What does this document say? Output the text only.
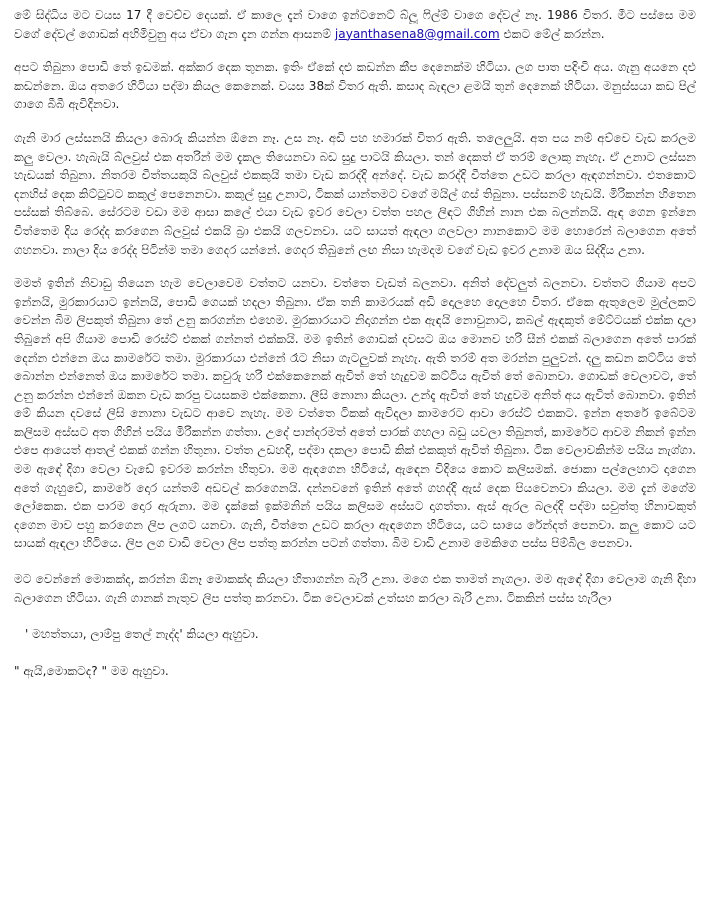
මේ සිද්ධිය මට වයස 17 දී වෙච්ච දෙයක්. ඒ කාලෙ දැන් වාගෙ ඉන්ටනෙට් බ්ලූ ෆිල්ම් වාගෙ දේවල් නෑ. 1986 විතර. මීට පස්සෙ මම වගේ දේවල් ගොඩක් අහිමිවුනු අය ඒවා ගැන දැන ගන්න ආසනම් jayanthasena8@gmail.com එකට මේල් කරන්න.

අපට තිබුනා පොඩි තේ ඉඩමක්. අක්කර දෙක තුනක. ඉතිං ඒකේ දළු කඩන්න කීප දෙනෙක්ම හිටියා. ලග පාත පදිංචි අය. ගැනු අයනෙ දළු කඩන්නෙ. ඔය අතරෙ හිටියා පද්මා කියල කෙනෙක්. වයස 38ක් විතර ඇති. කසාද බැඳලා ළමයි තුන් දෙනෙක් හිටියා. මනුස්සයා කඩ පිල් ගාගෙ බීබී ඇවිදිනවා.

ගැනි මාර ලස්සනයි කියලා බොරු කියන්න ඕනෙ නෑ. උස නෑ. අඩි පහ හමාරක් විතර ඇති. තලෙලුයි. අත පය නම් අව්වෙ වැඩ කරලම කලු වෙලා. හැබැයි බ්ලවුස් එක අතරින් මම දැකල තියෙනවා බඩ සුදු පාටයි කියලා. තන් දෙකත් ඒ තරම් ලොකු නැහැ. ඒ උනාට ලස්සන හැඩයක් තිබුනා. නිතරම චීත්තයකුයි බ්ලවුස් එකකුයි තමා වැඩ කරද්දි අන්දේ. වැඩ කරද්දි චීත්තෙ උඩට කරලා ඇඳගන්නවා. එතකොට දනහිස් දෙක කිට්ටුවට කකුල් පෙනෙනවා. කකුල් සුදු උනාට, ටිකක් යාන්තමට වගේ මයිල් ගස් තිබුනා. පස්සනම් හැඩයි. මිරිකන්න හිතෙන පස්සක් තිබ්බෙ. සේරටම වඩා මම ආසා කලේ එයා වැඩ ඉවර වෙලා වත්ත පහල ලිඳට ගිහින් නාන එක බලන්නයි. ඇඳ ගෙන ඉන්නෙ චීත්තෙම දිය රෙද්ද කරගෙන බ්ලවුස් එකයි බ්‍රා එකයි ගලවනවා. යට සායත් ඇඳලා ගලවලා නානකොට මම හොරෙන් බලාගෙන අතේ ගහනවා. නාලා දිය රෙද්ද පිටින්ම තමා ගෙදර යන්නේ. ගෙදර තිබුනේ ලඟ නිසා හැමදම වගේ වැඩ ඉවර උනාම ඔය සිද්දිය උනා.

මමත් ඉතින් නිවාඩු තියෙන හැම වෙලාවෙම වත්තට යනවා. වත්තෙ වැඩත් බලනවා. අනිත් දේවලුත් බලනවා. වත්තට ගියාම අපට ඉන්නයි, මුරකාරයාට ඉන්නයි, පොඩි ගෙයක් හදලා තිබුනා. ඒක තනි කාමරයක් අඩි දොලහෙ දොලහෙ විතර. ඒකෙ ඇතුලෙම මුල්ලකට වෙන්න බිම ලිපකුත් තිබුනා තේ උනු කරගන්න එහෙම. මුරකාරයාට නිදාගන්න එක ඇඳයි නොවුනාට, කබල් ඇඳකුත් මේට්ටයක් එක්ක දාලා තිබුනේ අපි ගියාම පොඩි රෙස්ට් එකක් ගන්නත් එක්කයි. මම ඉතින් ගොඩක් දවසට ඔය මොනව හරි සීන් එකක් බලාගෙන අතේ පාරක් දෙන්න එන්නෙ ඔය කාමරේට තමා. මුරකාරයා එන්නේ රෑට නිසා ගැටලුවක් නැහැ. ඇති තරම් අත මරන්න පුලුවන්. දලු කඩන කට්ටිය තේ බොන්න එන්නෙත් ඔය කාමරේට තමා. කවුරු හරි එක්කෙනෙක් ඇවිත් තේ හැදුවම කට්ටිය ඇවිත් තේ බොනවා. ගොඩක් වෙලාවට, තේ උනු කරන්න එන්නේ ඔකන වැඩ කරපු වයසකම එක්කෙනා. ලීසි නොනා කියලා. උන්දැ ඇවිත් තේ හැදුවම අනිත් අය ඇවිත් බොනවා. ඉතින් මේ කියන දවසේ ලිසි නොනා වැඩට ආවෙ නැහැ. මම වත්තෙ ටිකක් ඇවිදලා කාමරෙට ආවා රෙස්ට් එකකට. ඉන්න අතරේ ඉබේටම කලිසම අස්සට අත ගිහින් පයිය මිරිකන්න ගත්තා. උදේ පාන්දරමත් අතේ පාරක් ගහලා බඩු යවලා තිබුනත්, කාමරේට ආවම නිකන් ඉන්න එපෙ ආයෙත් ආතල් එකක් ගන්න හිතුනා. වත්ත උඩහදි, පද්මා දකලා පොඩි කික් එකකුත් ඇවිත් තිබුනා. ටික වෙලාවකින්ම පයිය නැග්ගා. මම ඇඳේ දිගා වෙලා වැඩේ ඉවරම කරන්න හිතුවා. මම ඇඳගෙන හිටියේ, ඇඳෙන විදියෙ කොට කලිසමක්. ජොකා පල්ලෙහාට දාගෙන අතේ ගැහුවේ, කාමරේ දොර යන්තම් අඩවල් කරගෙනයි. දන්නවනේ ඉතින් අතේ ගහද්දි ඇස් දෙක පියවෙනවා කියලා. මම දැන් මගේම ලෝකෙක. එක පාරම දොර ඇරුනා. මම දැක්කේ ඉක්මනින් පයිය කලිසම අස්සට දාගත්තා. ඇස් ඇරල බලද්දි පද්මා සවුත්තු හිනාවකුත් දගෙන මාව පහු කරගෙන ලිප ලගට යනවා. ගැනි, චීත්තෙ උඩට කරලා ඇඳගෙන හිටියෙ, යට සායෙ රේන්දත් පෙනවා. කලු කොට යට සායක් ඇඳලා හිටියෙ. ලිප ලග වාඩි වෙලා ලිප පත්තු කරන්න පටන් ගත්තා. බිම වාඩි උනාම මෙකිගෙ පස්ස පිම්බිල පෙනවා.

මට වෙන්නේ මොකක්ද, කරන්න ඕනෑ මොකක්ද කියලා හිතාගන්න බැරි උනා. මගෙ එක තාමත් නැගලා. මම ඇඳේ දිගා වෙලාම ගැනි දිහා බලාගෙන හිටියා. ගැනි ගානක් නැතුව ලිප පත්තු කරනවා. ටික වෙලාවක් උත්සහ කරලා බැරි උනා. ටිකකින් පස්ස හැරිලා

' මහත්තයා, ලාම්පු තෙල් නැද්ද' කියලා ඇහුවා.

" ඇයි,මොකටද? " මම ඇහුවා.
